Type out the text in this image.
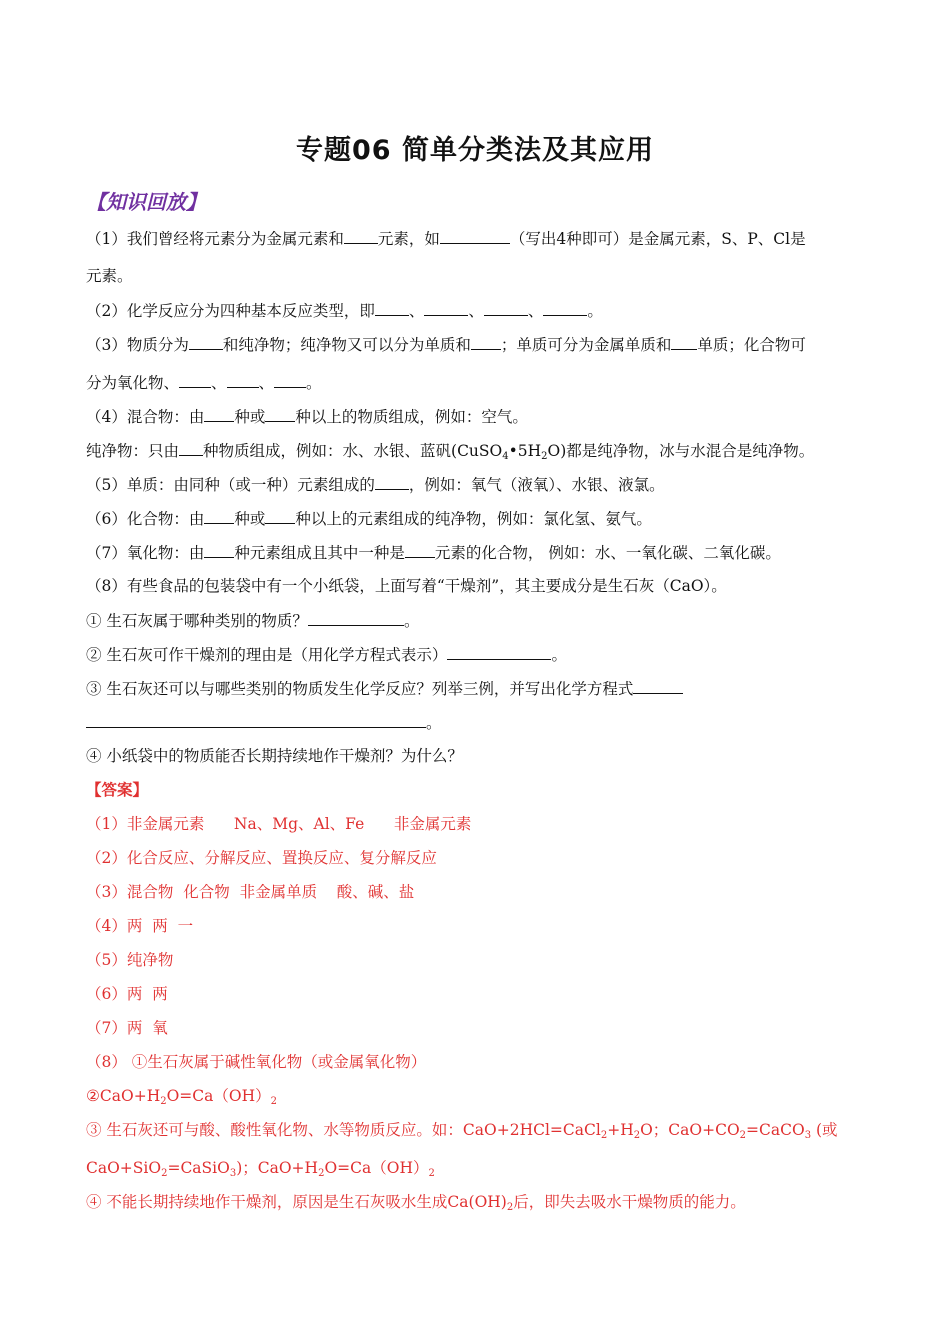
专题06 简单分类法及其应用
【知识回放】
（1）我们曾经将元素分为金属元素和 元素，如	（写出4种即可）是金属元素，S、P、Cl是
元素。
（2）化学反应分为四种基本反应类型，即 、	、	、	。
（3）物质分为 和纯净物；纯净物又可以分为单质和 ；单质可分为金属单质和 单质；化合物可
分为氧化物、 、 、 。
（4）混合物：由 种或 种以上的物质组成，例如：空气。
纯净物：只由 种物质组成，例如：水、水银、蓝矾$(CuSO_4•5H_2O)$都是纯净物，冰与水混合是纯净物。
（5）单质：由同种（或一种）元素组成的 ，例如：氧气（液氧）、水银、液氯。
（6）化合物：由 种或 种以上的元素组成的纯净物，例如：氯化氢、氨气。
（7）氧化物：由 种元素组成且其中一种是 元素的化合物， 例如：水、一氧化碳、二氧化碳。
（8）有些食品的包装袋中有一个小纸袋，上面写着“干燥剂”，其主要成分是生石灰（CaO）。
① 生石灰属于哪种类别的物质？	。
② 生石灰可作干燥剂的理由是（用化学方程式表示）	。
③ 生石灰还可以与哪些类别的物质发生化学反应？列举三例，并写出化学方程式
。
④ 小纸袋中的物质能否长期持续地作干燥剂？为什么？
【答案】
（1）非金属元素      Na、Mg、Al、Fe      非金属元素
（2）化合反应、分解反应、置换反应、复分解反应
（3）混合物  化合物  非金属单质    酸、碱、盐
（4）两  两  一
（5）纯净物
（6）两  两
（7）两  氧
（8） ①生石灰属于碱性氧化物（或金属氧化物）
$②CaO+H_2O=Ca(OH)_2$
③ 生石灰还可与酸、酸性氧化物、水等物质反应。如：$CaO+2HCl=CaCl_2+H_2O$；$CaO+CO_2=CaCO_3$ (或
CaO+SiO$_2$=CaSiO$_3$)；$CaO+H_2O=Ca(OH)_2$
④ 不能长期持续地作干燥剂，原因是生石灰吸水生成$Ca(OH)_2$后，即失去吸水干燥物质的能力。
